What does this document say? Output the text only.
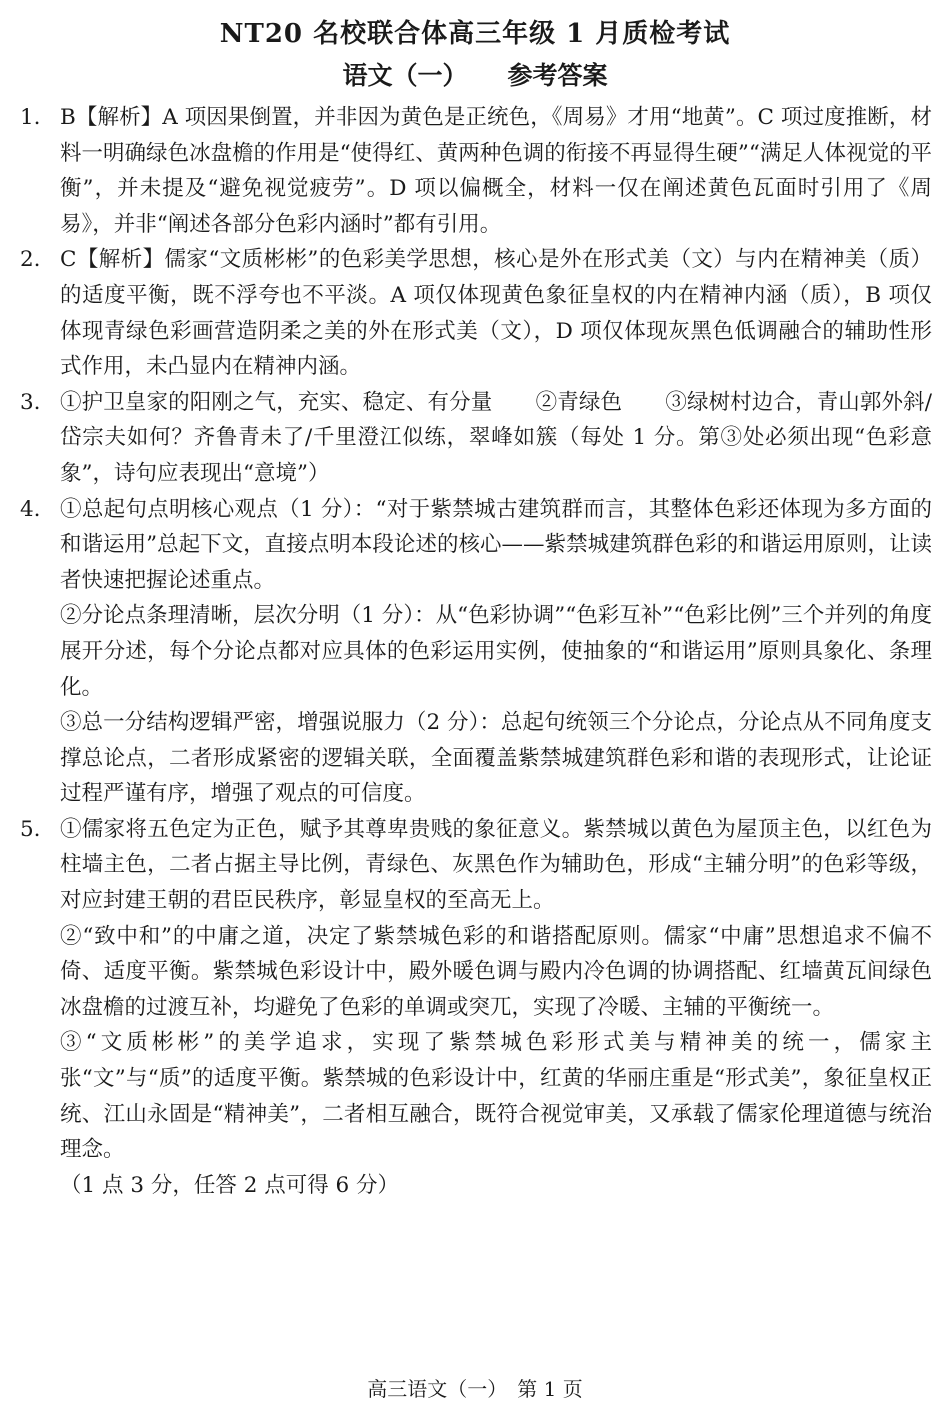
NT20 名校联合体高三年级 1 月质检考试
语文（一） 参考答案
1. B【解析】A 项因果倒置，并非因为黄色是正统色，《周易》才用“地黄”。C 项过度推断，材料一明确绿色冰盘檐的作用是“使得红、黄两种色调的衔接不再显得生硬”“满足人体视觉的平衡”，并未提及“避免视觉疲劳”。D 项以偏概全，材料一仅在阐述黄色瓦面时引用了《周易》，并非“阐述各部分色彩内涵时”都有引用。

2. C【解析】儒家“文质彬彬”的色彩美学思想，核心是外在形式美（文）与内在精神美（质）的适度平衡，既不浮夸也不平淡。A 项仅体现黄色象征皇权的内在精神内涵（质），B 项仅体现青绿色彩画营造阴柔之美的外在形式美（文），D 项仅体现灰黑色低调融合的辅助性形式作用，未凸显内在精神内涵。

3. ①护卫皇家的阳刚之气，充实、稳定、有分量　　②青绿色　　③绿树村边合，青山郭外斜/岱宗夫如何？齐鲁青未了/千里澄江似练，翠峰如簇（每处 1 分。第③处必须出现“色彩意象”，诗句应表现出“意境”）

4. ①总起句点明核心观点（1 分）：“对于紫禁城古建筑群而言，其整体色彩还体现为多方面的和谐运用”总起下文，直接点明本段论述的核心——紫禁城建筑群色彩的和谐运用原则，让读者快速把握论述重点。

②分论点条理清晰，层次分明（1 分）：从“色彩协调”“色彩互补”“色彩比例”三个并列的角度展开分述，每个分论点都对应具体的色彩运用实例，使抽象的“和谐运用”原则具象化、条理化。

③总一分结构逻辑严密，增强说服力（2 分）：总起句统领三个分论点，分论点从不同角度支撑总论点，二者形成紧密的逻辑关联，全面覆盖紫禁城建筑群色彩和谐的表现形式，让论证过程严谨有序，增强了观点的可信度。

5. ①儒家将五色定为正色，赋予其尊卑贵贱的象征意义。紫禁城以黄色为屋顶主色，以红色为柱墙主色，二者占据主导比例，青绿色、灰黑色作为辅助色，形成“主辅分明”的色彩等级，对应封建王朝的君臣民秩序，彰显皇权的至高无上。

②“致中和”的中庸之道，决定了紫禁城色彩的和谐搭配原则。儒家“中庸”思想追求不偏不倚、适度平衡。紫禁城色彩设计中，殿外暖色调与殿内冷色调的协调搭配、红墙黄瓦间绿色冰盘檐的过渡互补，均避免了色彩的单调或突兀，实现了冷暖、主辅的平衡统一。

③“文质彬彬”的美学追求，实现了紫禁城色彩形式美与精神美的统一，儒家主张“文”与“质”的适度平衡。紫禁城的色彩设计中，红黄的华丽庄重是“形式美”，象征皇权正统、江山永固是“精神美”，二者相互融合，既符合视觉审美，又承载了儒家伦理道德与统治理念。

（1 点 3 分，任答 2 点可得 6 分）

高三语文（一）　第 1 页
